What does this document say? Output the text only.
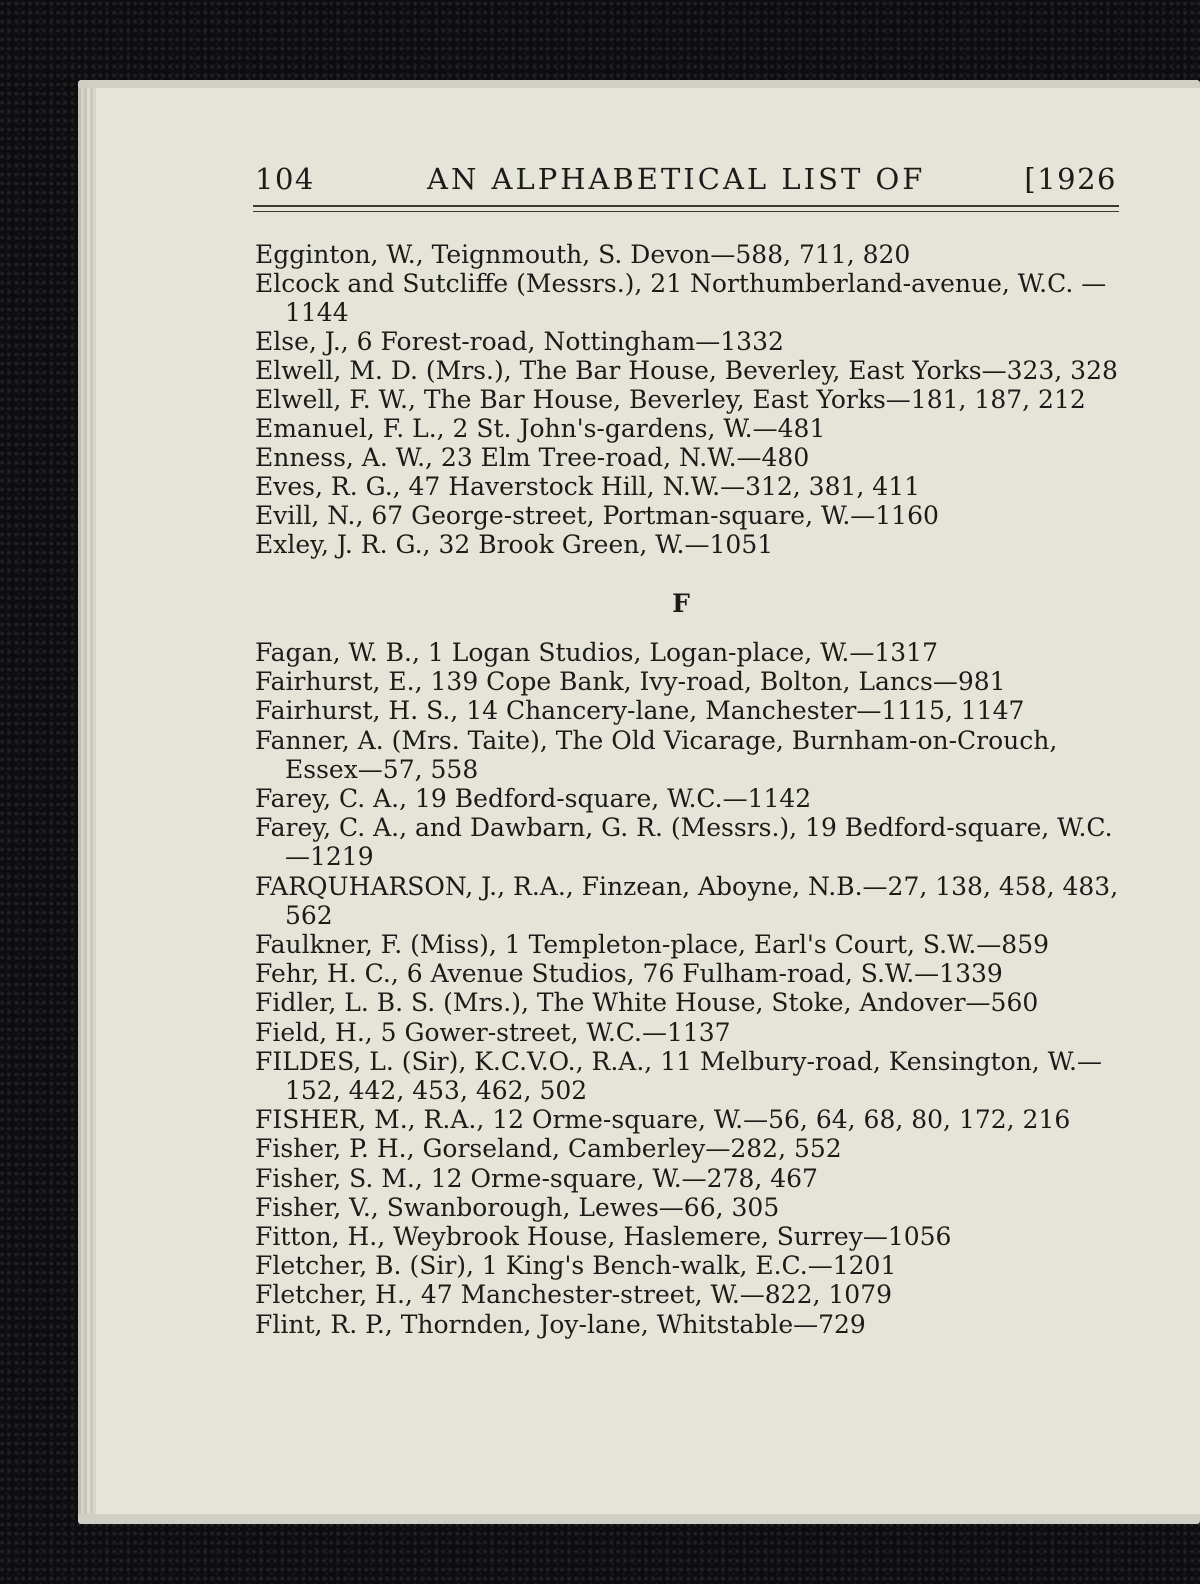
104	AN ALPHABETICAL LIST OF	[1926

Egginton, W., Teignmouth, S. Devon—588, 711, 820

Elcock and Sutcliffe (Messrs.), 21 Northumberland-avenue, W.C. —1144

Else, J., 6 Forest-road, Nottingham—1332

Elwell, M. D. (Mrs.), The Bar House, Beverley, East Yorks—323, 328

Elwell, F. W., The Bar House, Beverley, East Yorks—181, 187, 212

Emanuel, F. L., 2 St. John's-gardens, W.—481

Enness, A. W., 23 Elm Tree-road, N.W.—480

Eves, R. G., 47 Haverstock Hill, N.W.—312, 381, 411

Evill, N., 67 George-street, Portman-square, W.—1160

Exley, J. R. G., 32 Brook Green, W.—1051

F

Fagan, W. B., 1 Logan Studios, Logan-place, W.—1317

Fairhurst, E., 139 Cope Bank, Ivy-road, Bolton, Lancs—981

Fairhurst, H. S., 14 Chancery-lane, Manchester—1115, 1147

Fanner, A. (Mrs. Taite), The Old Vicarage, Burnham-on-Crouch, Essex—57, 558

Farey, C. A., 19 Bedford-square, W.C.—1142

Farey, C. A., and Dawbarn, G. R. (Messrs.), 19 Bedford-square, W.C.—1219

FARQUHARSON, J., R.A., Finzean, Aboyne, N.B.—27, 138, 458, 483, 562

Faulkner, F. (Miss), 1 Templeton-place, Earl's Court, S.W.—859

Fehr, H. C., 6 Avenue Studios, 76 Fulham-road, S.W.—1339

Fidler, L. B. S. (Mrs.), The White House, Stoke, Andover—560

Field, H., 5 Gower-street, W.C.—1137

FILDES, L. (Sir), K.C.V.O., R.A., 11 Melbury-road, Kensington, W.—152, 442, 453, 462, 502

FISHER, M., R.A., 12 Orme-square, W.—56, 64, 68, 80, 172, 216

Fisher, P. H., Gorseland, Camberley—282, 552

Fisher, S. M., 12 Orme-square, W.—278, 467

Fisher, V., Swanborough, Lewes—66, 305

Fitton, H., Weybrook House, Haslemere, Surrey—1056

Fletcher, B. (Sir), 1 King's Bench-walk, E.C.—1201

Fletcher, H., 47 Manchester-street, W.—822, 1079

Flint, R. P., Thornden, Joy-lane, Whitstable—729
